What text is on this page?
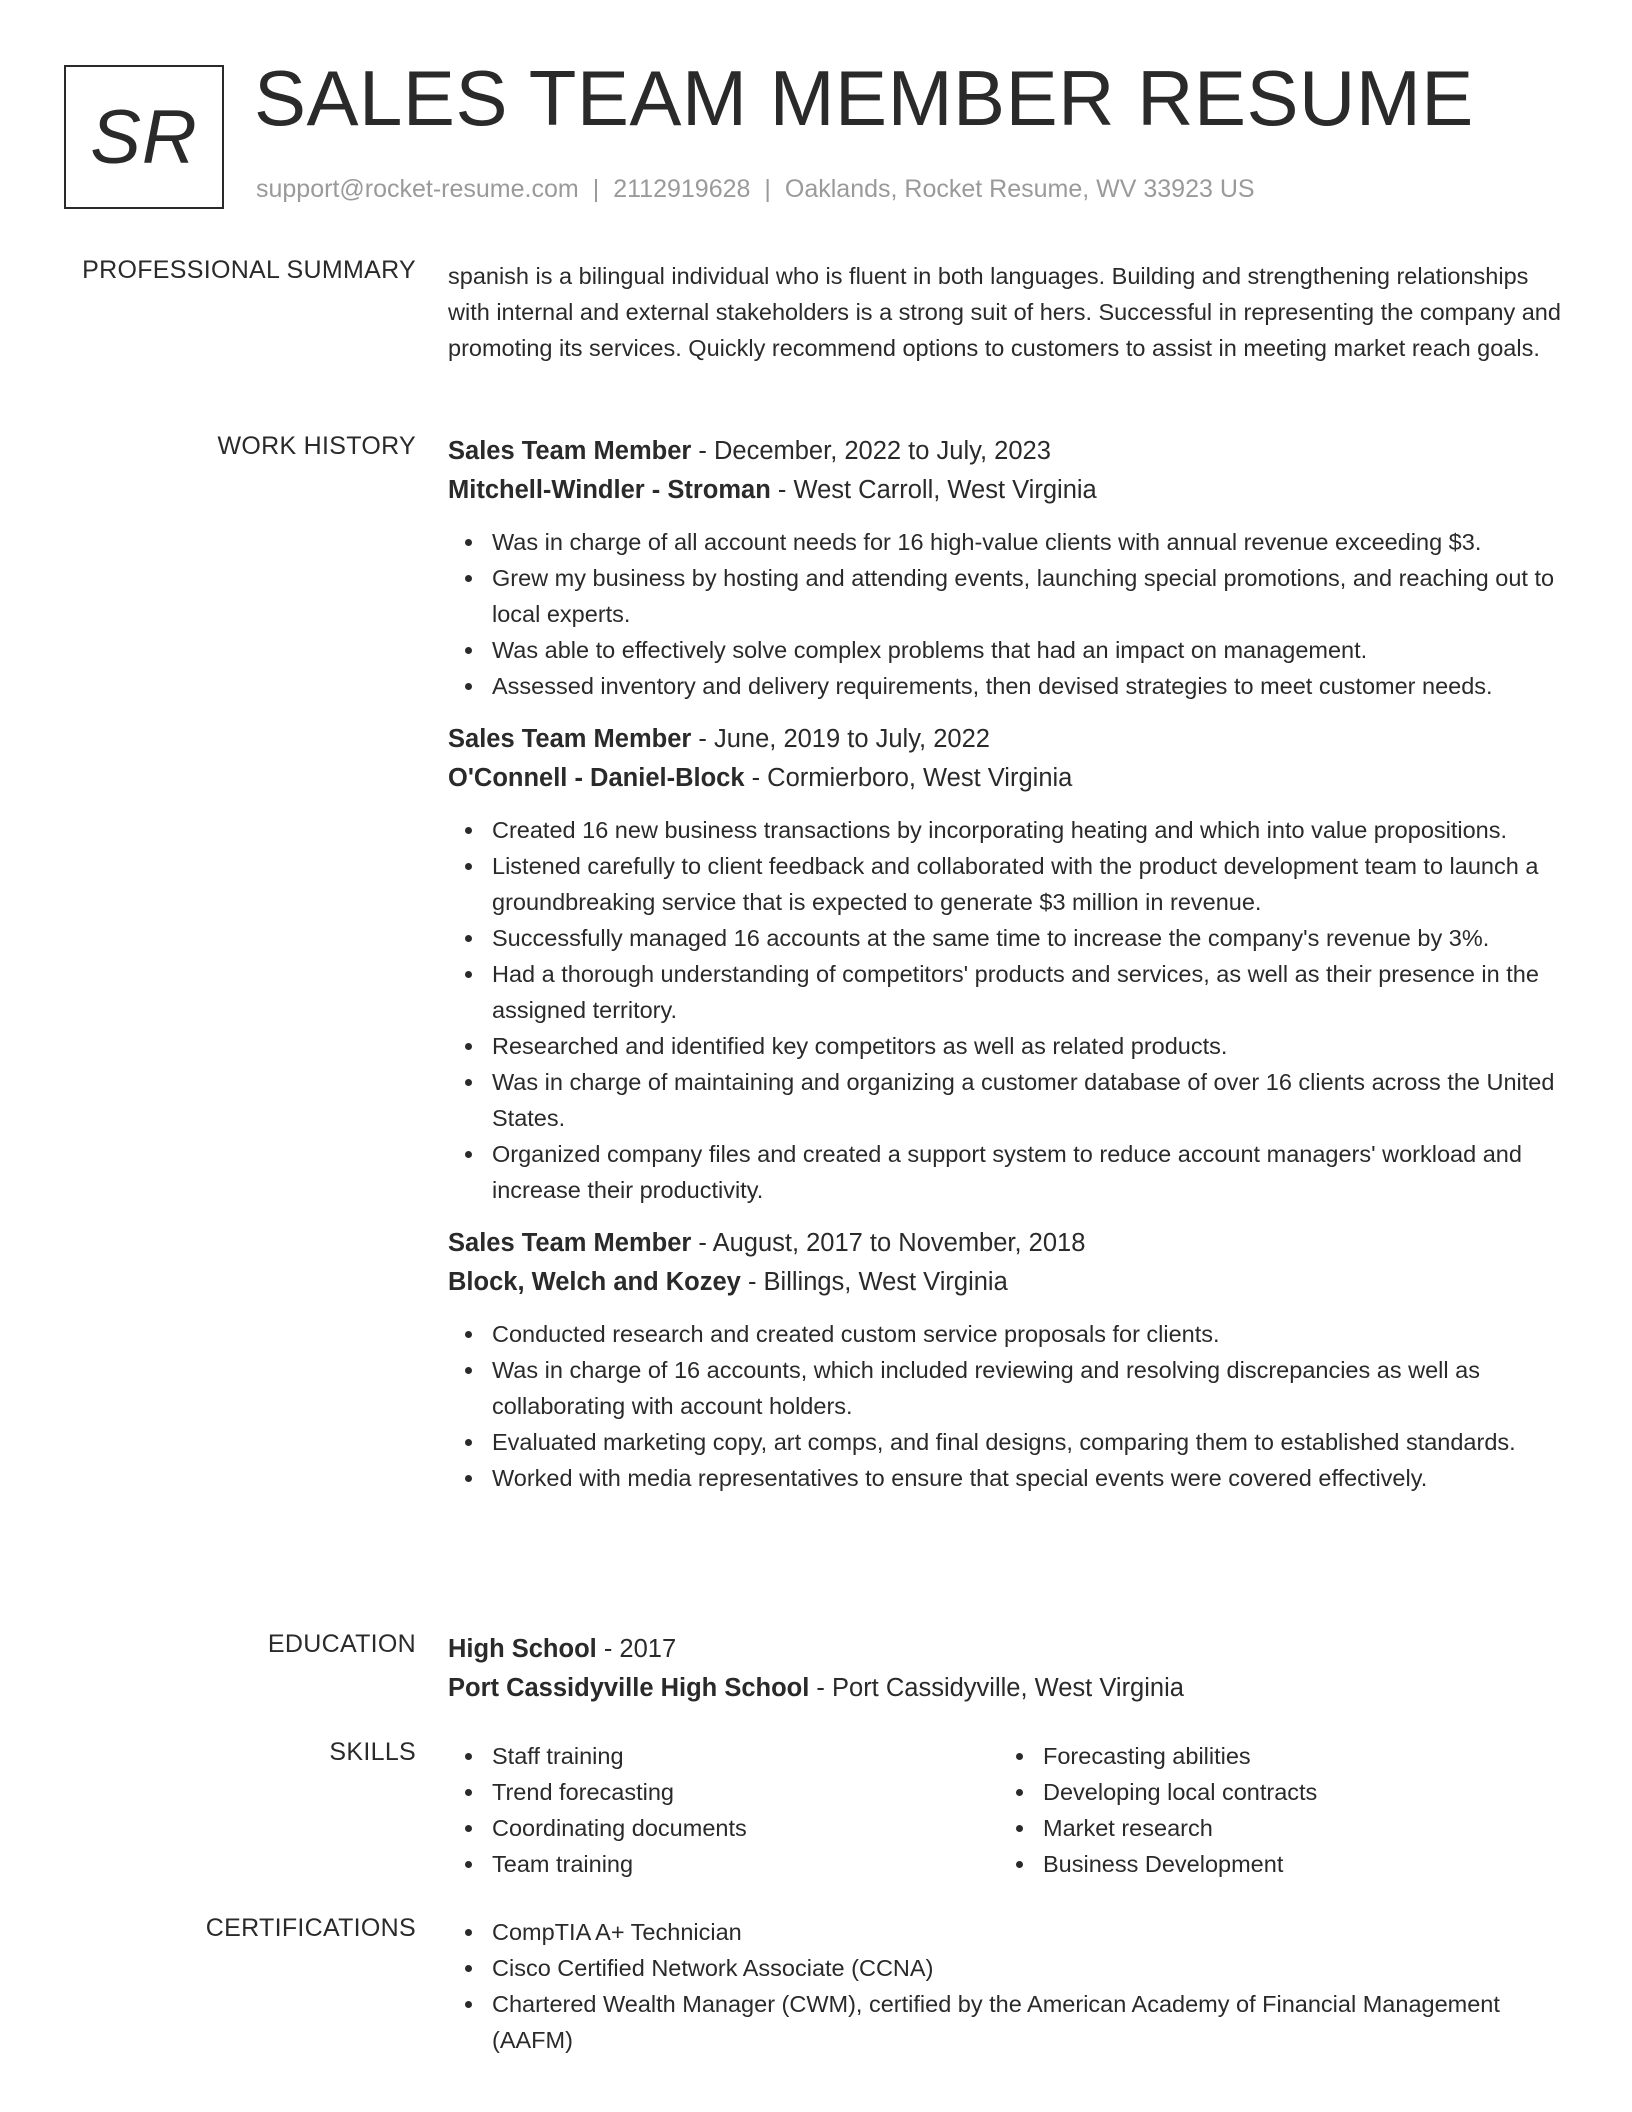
SR SALES TEAM MEMBER RESUME
support@rocket-resume.com | 2112919628 | Oaklands, Rocket Resume, WV 33923 US
PROFESSIONAL SUMMARY spanish is a bilingual individual who is fluent in both languages. Building and strengthening relationships with internal and external stakeholders is a strong suit of hers. Successful in representing the company and promoting its services. Quickly recommend options to customers to assist in meeting market reach goals.
WORK HISTORY Sales Team Member - December, 2022 to July, 2023
Mitchell-Windler - Stroman - West Carroll, West Virginia
Was in charge of all account needs for 16 high-value clients with annual revenue exceeding $3.
Grew my business by hosting and attending events, launching special promotions, and reaching out to local experts.
Was able to effectively solve complex problems that had an impact on management.
Assessed inventory and delivery requirements, then devised strategies to meet customer needs.
Sales Team Member - June, 2019 to July, 2022
O'Connell - Daniel-Block - Cormierboro, West Virginia
Created 16 new business transactions by incorporating heating and which into value propositions.
Listened carefully to client feedback and collaborated with the product development team to launch a groundbreaking service that is expected to generate $3 million in revenue.
Successfully managed 16 accounts at the same time to increase the company's revenue by 3%.
Had a thorough understanding of competitors' products and services, as well as their presence in the assigned territory.
Researched and identified key competitors as well as related products.
Was in charge of maintaining and organizing a customer database of over 16 clients across the United States.
Organized company files and created a support system to reduce account managers' workload and increase their productivity.
Sales Team Member - August, 2017 to November, 2018
Block, Welch and Kozey - Billings, West Virginia
Conducted research and created custom service proposals for clients.
Was in charge of 16 accounts, which included reviewing and resolving discrepancies as well as collaborating with account holders.
Evaluated marketing copy, art comps, and final designs, comparing them to established standards.
Worked with media representatives to ensure that special events were covered effectively.
EDUCATION High School - 2017
Port Cassidyville High School - Port Cassidyville, West Virginia
SKILLS	Staff training
Trend forecasting
Coordinating documents
Team training
Forecasting abilities
Developing local contracts
Market research
Business Development
CERTIFICATIONS	CompTIA A+ Technician
Cisco Certified Network Associate (CCNA)
Chartered Wealth Manager (CWM), certified by the American Academy of Financial Management (AAFM)
